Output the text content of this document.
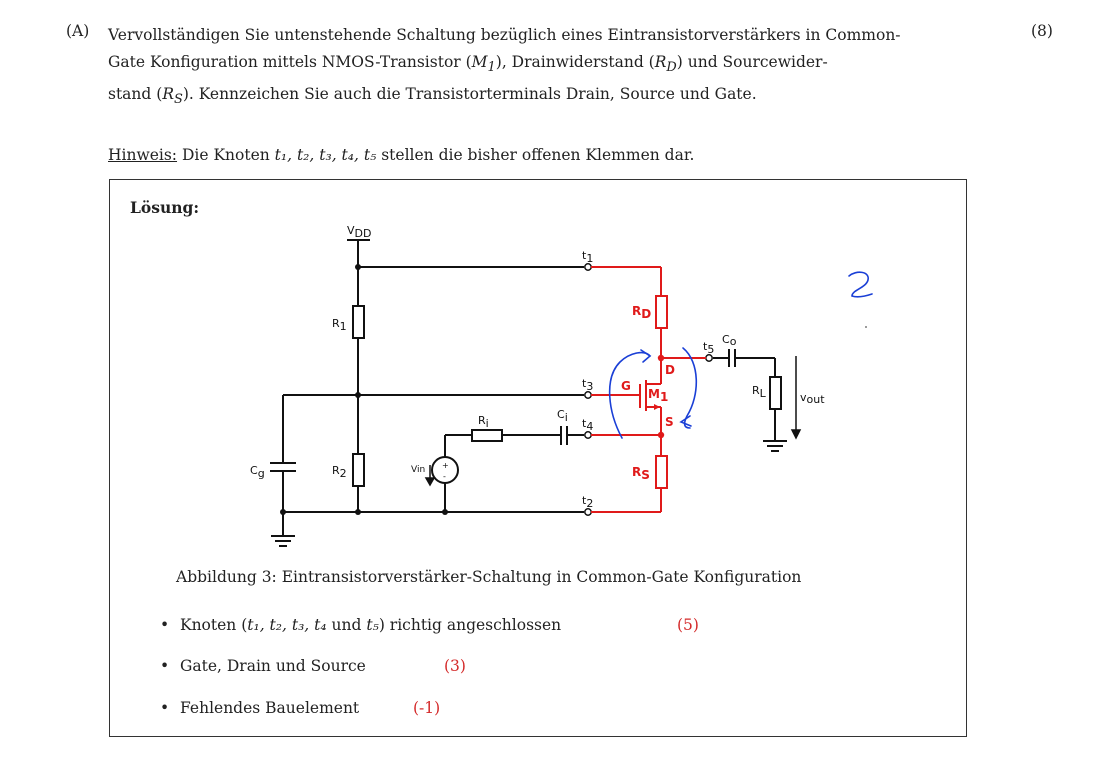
(A)	(8)
Vervollständigen Sie untenstehende Schaltung bezüglich eines Eintransistorverstärkers in Common-
Gate Konfiguration mittels NMOS-Transistor $(M_1)$, Drainwiderstand $(R_D)$ und Sourcewider-
stand $(R_S)$. Kennzeichen Sie auch die Transistorterminals Drain, Source und Gate.
Hinweis: Die Knoten t₁, t₂, t₃, t₄, t₅ stellen die bisher offenen Klemmen dar.
Lösung:
+
-
VDD
R1
R2
Cg
Ri
Ci
Vin
t1
t3
t4
t2
t5
Co
RL	vout
RD
RS
M1
G
D
S
Abbildung 3: Eintransistorverstärker-Schaltung in Common-Gate Konfiguration
• Knoten (t₁, t₂, t₃, t₄ und t₅) richtig angeschlossen	(5)
• Gate, Drain und Source	(3)
• Fehlendes Bauelement	(-1)
